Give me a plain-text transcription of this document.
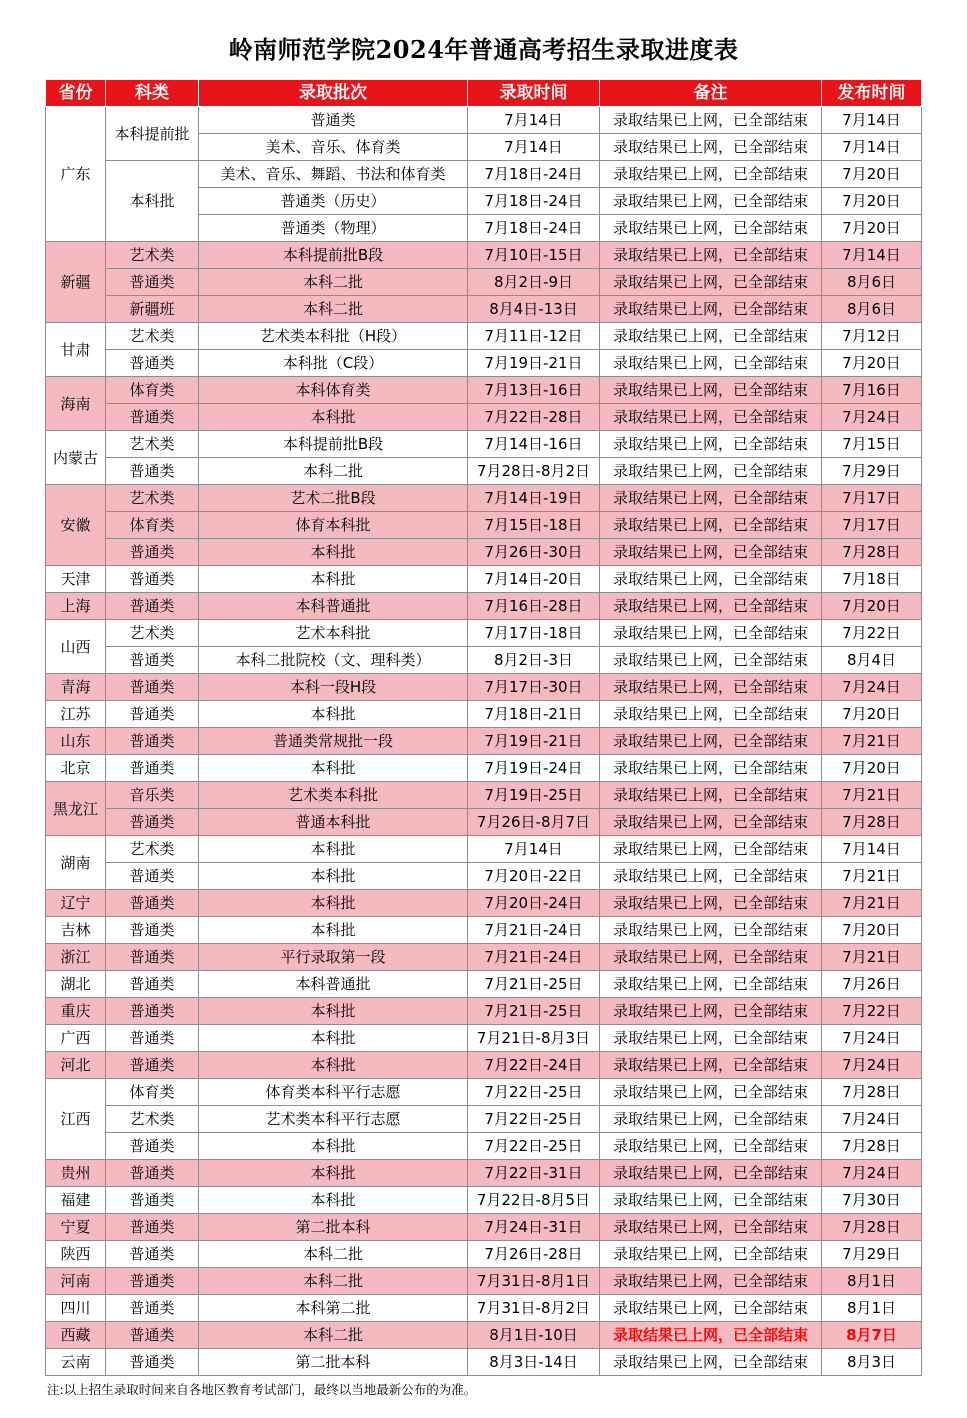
岭南师范学院2024年普通高考招生录取进度表
省份	科类	录取批次	录取时间	备注	发布时间
广东	本科提前批	普通类	7月14日	录取结果已上网，已全部结束	7月14日
		美术、音乐、体育类	7月14日	录取结果已上网，已全部结束	7月14日
	本科批	美术、音乐、舞蹈、书法和体育类	7月18日-24日	录取结果已上网，已全部结束	7月20日
		普通类（历史）	7月18日-24日	录取结果已上网，已全部结束	7月20日
		普通类（物理）	7月18日-24日	录取结果已上网，已全部结束	7月20日
新疆	艺术类	本科提前批B段	7月10日-15日	录取结果已上网，已全部结束	7月14日
	普通类	本科二批	8月2日-9日	录取结果已上网，已全部结束	8月6日
	新疆班	本科二批	8月4日-13日	录取结果已上网，已全部结束	8月6日
甘肃	艺术类	艺术类本科批（H段）	7月11日-12日	录取结果已上网，已全部结束	7月12日
	普通类	本科批（C段）	7月19日-21日	录取结果已上网，已全部结束	7月20日
海南	体育类	本科体育类	7月13日-16日	录取结果已上网，已全部结束	7月16日
	普通类	本科批	7月22日-28日	录取结果已上网，已全部结束	7月24日
内蒙古	艺术类	本科提前批B段	7月14日-16日	录取结果已上网，已全部结束	7月15日
	普通类	本科二批	7月28日-8月2日	录取结果已上网，已全部结束	7月29日
安徽	艺术类	艺术二批B段	7月14日-19日	录取结果已上网，已全部结束	7月17日
	体育类	体育本科批	7月15日-18日	录取结果已上网，已全部结束	7月17日
	普通类	本科批	7月26日-30日	录取结果已上网，已全部结束	7月28日
天津	普通类	本科批	7月14日-20日	录取结果已上网，已全部结束	7月18日
上海	普通类	本科普通批	7月16日-28日	录取结果已上网，已全部结束	7月20日
山西	艺术类	艺术本科批	7月17日-18日	录取结果已上网，已全部结束	7月22日
	普通类	本科二批院校（文、理科类）	8月2日-3日	录取结果已上网，已全部结束	8月4日
青海	普通类	本科一段H段	7月17日-30日	录取结果已上网，已全部结束	7月24日
江苏	普通类	本科批	7月18日-21日	录取结果已上网，已全部结束	7月20日
山东	普通类	普通类常规批一段	7月19日-21日	录取结果已上网，已全部结束	7月21日
北京	普通类	本科批	7月19日-24日	录取结果已上网，已全部结束	7月20日
黑龙江	音乐类	艺术类本科批	7月19日-25日	录取结果已上网，已全部结束	7月21日
	普通类	普通本科批	7月26日-8月7日	录取结果已上网，已全部结束	7月28日
湖南	艺术类	本科批	7月14日	录取结果已上网，已全部结束	7月14日
	普通类	本科批	7月20日-22日	录取结果已上网，已全部结束	7月21日
辽宁	普通类	本科批	7月20日-24日	录取结果已上网，已全部结束	7月21日
吉林	普通类	本科批	7月21日-24日	录取结果已上网，已全部结束	7月20日
浙江	普通类	平行录取第一段	7月21日-24日	录取结果已上网，已全部结束	7月21日
湖北	普通类	本科普通批	7月21日-25日	录取结果已上网，已全部结束	7月26日
重庆	普通类	本科批	7月21日-25日	录取结果已上网，已全部结束	7月22日
广西	普通类	本科批	7月21日-8月3日	录取结果已上网，已全部结束	7月24日
河北	普通类	本科批	7月22日-24日	录取结果已上网，已全部结束	7月24日
江西	体育类	体育类本科平行志愿	7月22日-25日	录取结果已上网，已全部结束	7月28日
	艺术类	艺术类本科平行志愿	7月22日-25日	录取结果已上网，已全部结束	7月24日
	普通类	本科批	7月22日-25日	录取结果已上网，已全部结束	7月28日
贵州	普通类	本科批	7月22日-31日	录取结果已上网，已全部结束	7月24日
福建	普通类	本科批	7月22日-8月5日	录取结果已上网，已全部结束	7月30日
宁夏	普通类	第二批本科	7月24日-31日	录取结果已上网，已全部结束	7月28日
陕西	普通类	本科二批	7月26日-28日	录取结果已上网，已全部结束	7月29日
河南	普通类	本科二批	7月31日-8月1日	录取结果已上网，已全部结束	8月1日
四川	普通类	本科第二批	7月31日-8月2日	录取结果已上网，已全部结束	8月1日
西藏	普通类	本科二批	8月1日-10日	录取结果已上网，已全部结束	8月7日
云南	普通类	第二批本科	8月3日-14日	录取结果已上网，已全部结束	8月3日
注:以上招生录取时间来自各地区教育考试部门，最终以当地最新公布的为准。
